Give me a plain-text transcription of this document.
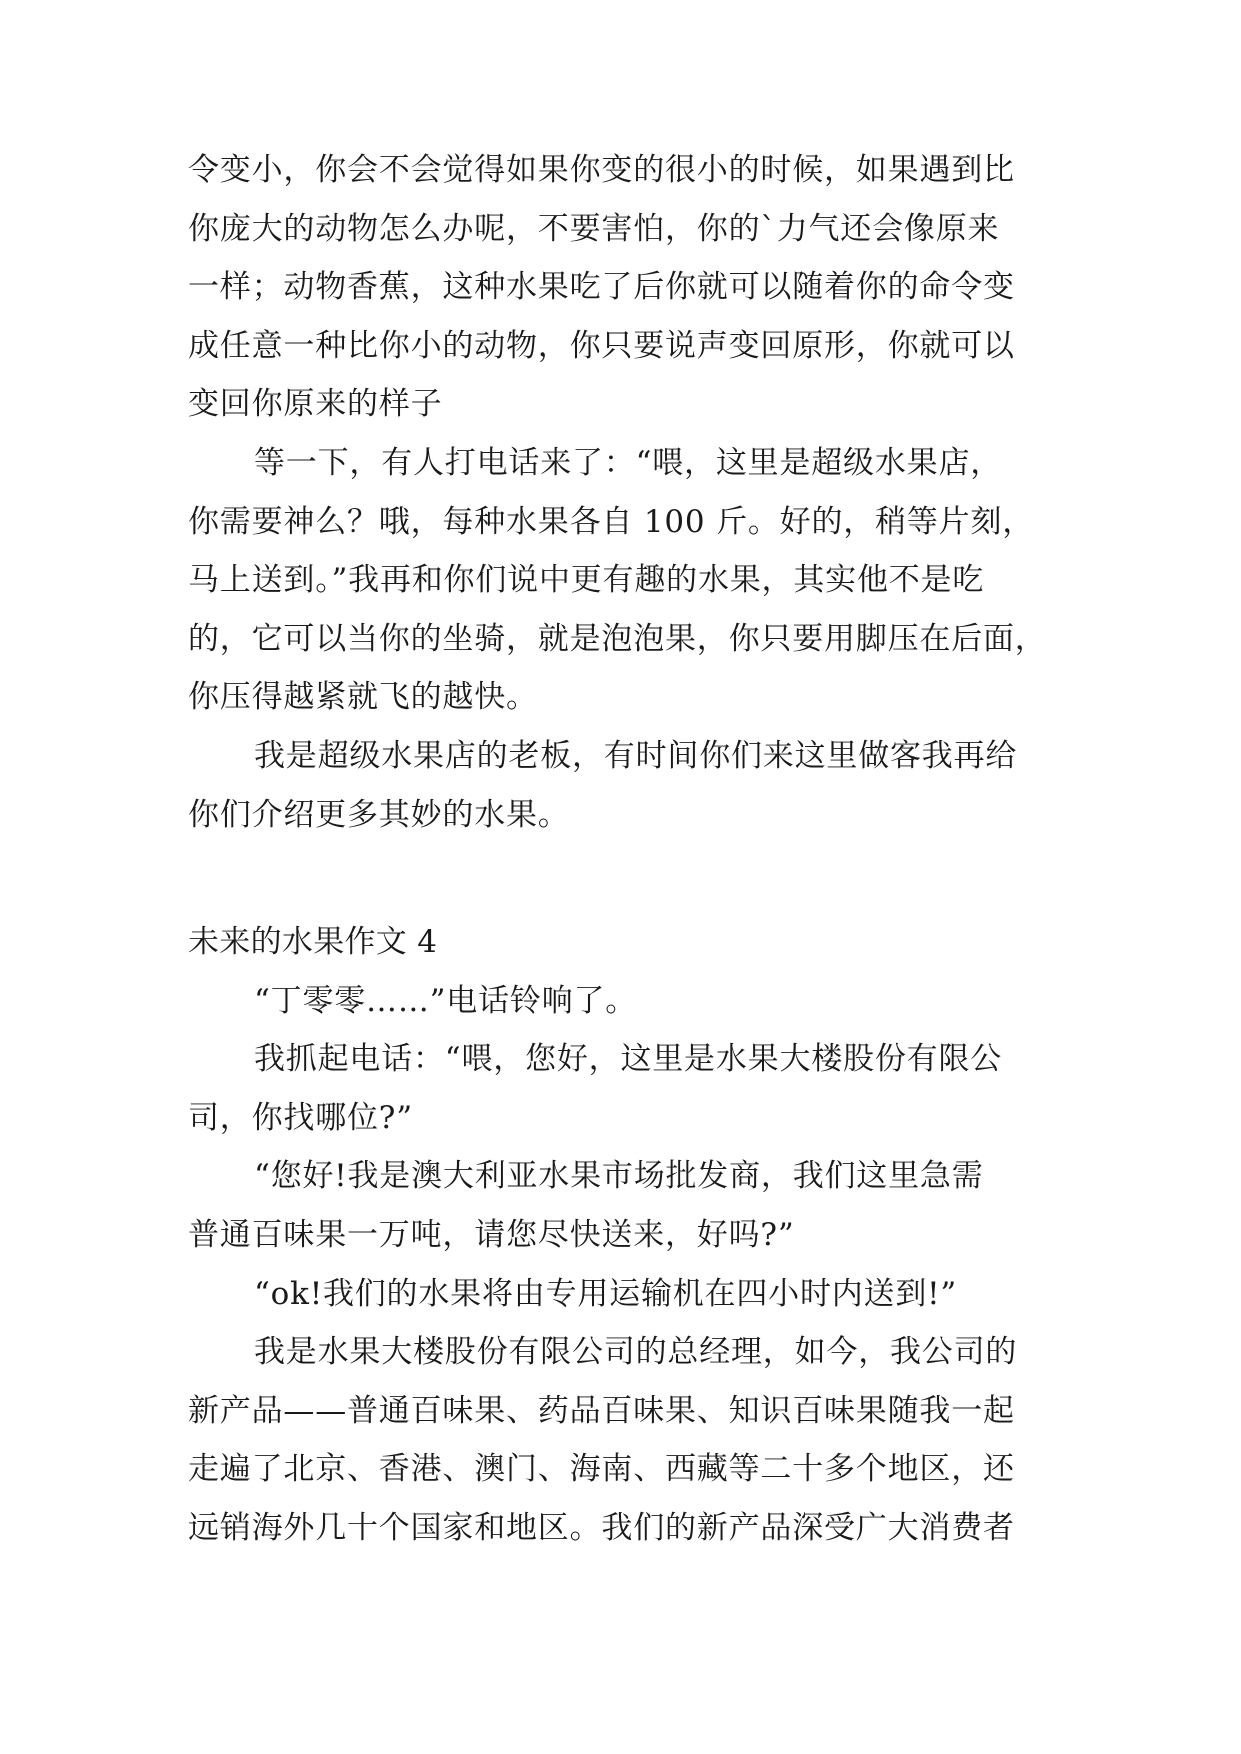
令变小，你会不会觉得如果你变的很小的时候，如果遇到比
你庞大的动物怎么办呢，不要害怕，你的`力气还会像原来
一样；动物香蕉，这种水果吃了后你就可以随着你的命令变
成任意一种比你小的动物，你只要说声变回原形，你就可以
变回你原来的样子
等一下，有人打电话来了：“喂，这里是超级水果店，
你需要神么？哦，每种水果各自 100 斤。好的，稍等片刻，
马上送到。”我再和你们说中更有趣的水果，其实他不是吃
的，它可以当你的坐骑，就是泡泡果，你只要用脚压在后面，
你压得越紧就飞的越快。
我是超级水果店的老板，有时间你们来这里做客我再给
你们介绍更多其妙的水果。
未来的水果作文 4
“丁零零……”电话铃响了。
我抓起电话：“喂，您好，这里是水果大楼股份有限公
司，你找哪位?”
“您好!我是澳大利亚水果市场批发商，我们这里急需
普通百味果一万吨，请您尽快送来，好吗?”
“ok!我们的水果将由专用运输机在四小时内送到!”
我是水果大楼股份有限公司的总经理，如今，我公司的
新产品——普通百味果、药品百味果、知识百味果随我一起
走遍了北京、香港、澳门、海南、西藏等二十多个地区，还
远销海外几十个国家和地区。我们的新产品深受广大消费者
